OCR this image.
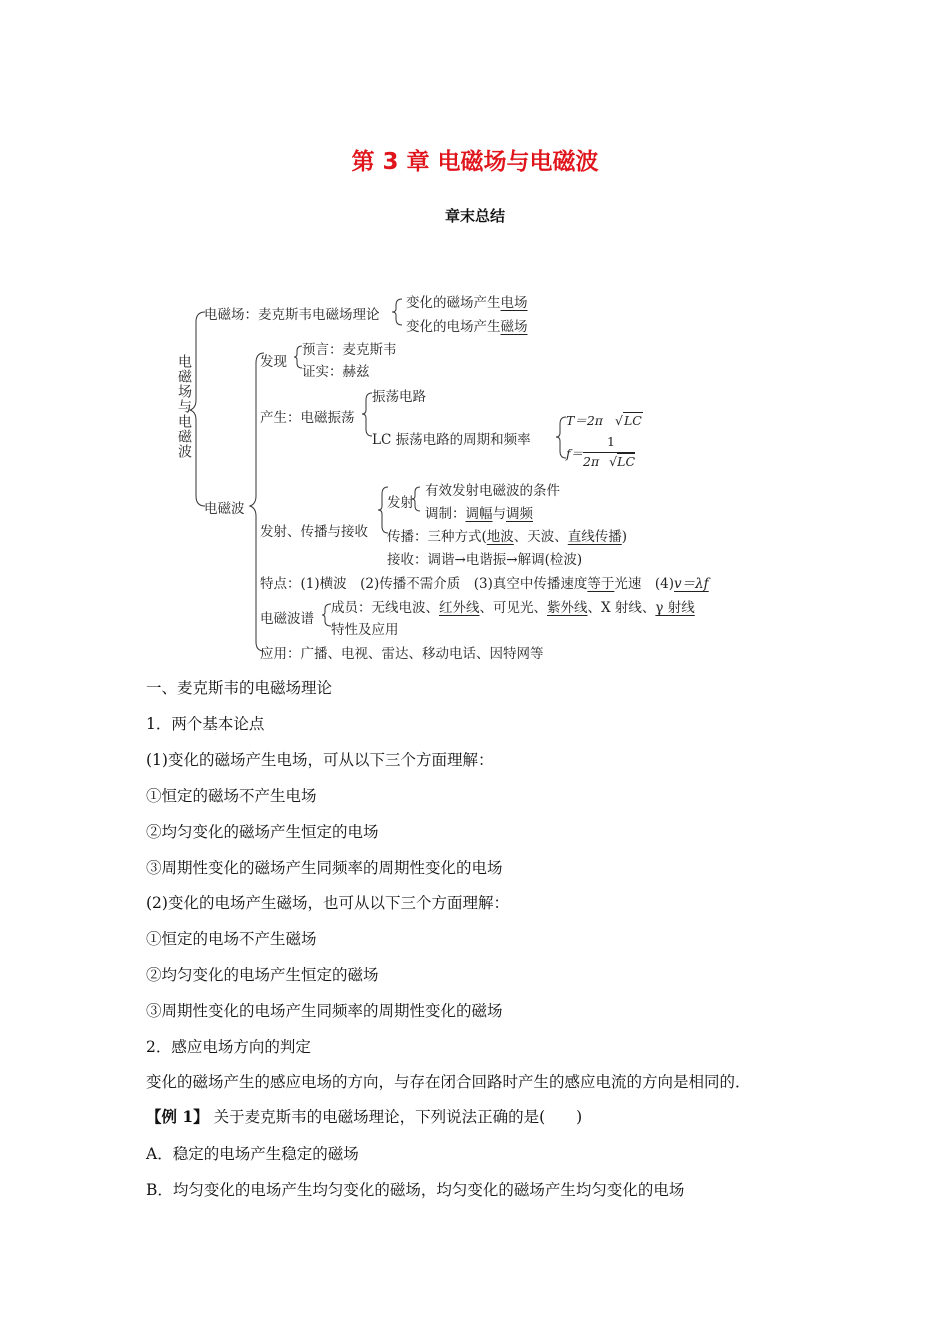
第 3 章 电磁场与电磁波
章末总结
电磁场与电磁波
电磁场：麦克斯韦电磁场理论
变化的磁场产生电场
变化的电场产生磁场
电磁波
发现
预言：麦克斯韦
证实：赫兹
产生：电磁振荡
振荡电路
LC 振荡电路的周期和频率
T＝2π √LC
f＝
1
2π √LC
发射、传播与接收
发射
有效发射电磁波的条件
调制：调幅与调频
传播：三种方式(地波、天波、直线传播)
接收：调谐→电谐振→解调(检波)
特点：(1)横波　(2)传播不需介质　(3)真空中传播速度等于光速　(4)v＝λf
电磁波谱
成员：无线电波、红外线、可见光、紫外线、X 射线、γ 射线
特性及应用
应用：广播、电视、雷达、移动电话、因特网等
一、麦克斯韦的电磁场理论
1．两个基本论点
(1)变化的磁场产生电场，可从以下三个方面理解：
①恒定的磁场不产生电场
②均匀变化的磁场产生恒定的电场
③周期性变化的磁场产生同频率的周期性变化的电场
(2)变化的电场产生磁场，也可从以下三个方面理解：
①恒定的电场不产生磁场
②均匀变化的电场产生恒定的磁场
③周期性变化的电场产生同频率的周期性变化的磁场
2．感应电场方向的判定
变化的磁场产生的感应电场的方向，与存在闭合回路时产生的感应电流的方向是相同的．
【例 1】 关于麦克斯韦的电磁场理论，下列说法正确的是(　　)
A．稳定的电场产生稳定的磁场
B．均匀变化的电场产生均匀变化的磁场，均匀变化的磁场产生均匀变化的电场
